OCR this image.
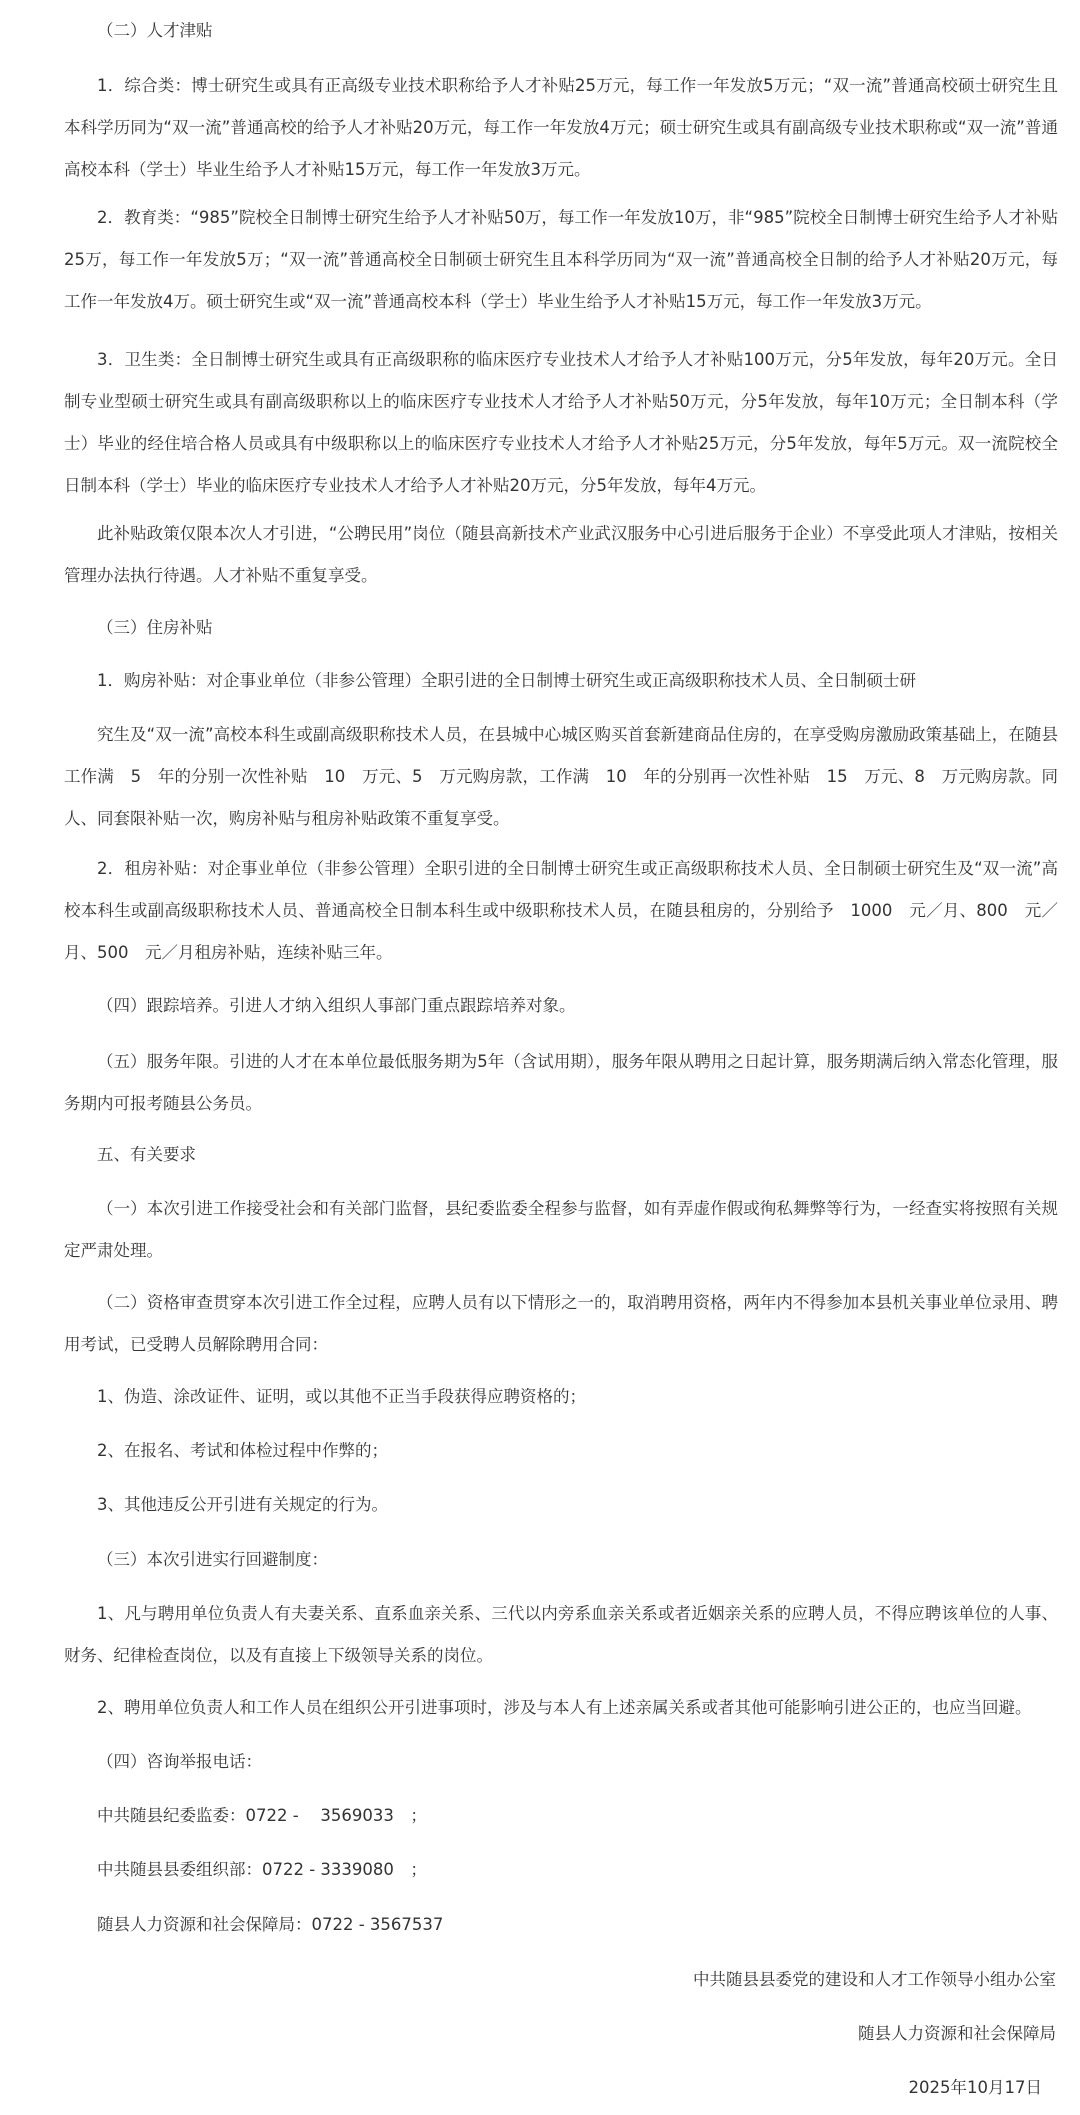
（二）人才津贴

1．综合类：博士研究生或具有正高级专业技术职称给予人才补贴25万元，每工作一年发放5万元；“双一流”普通高校硕士研究生且本科学历同为“双一流”普通高校的给予人才补贴20万元，每工作一年发放4万元；硕士研究生或具有副高级专业技术职称或“双一流”普通高校本科（学士）毕业生给予人才补贴15万元，每工作一年发放3万元。

2．教育类：“985”院校全日制博士研究生给予人才补贴50万，每工作一年发放10万，非“985”院校全日制博士研究生给予人才补贴25万，每工作一年发放5万；“双一流”普通高校全日制硕士研究生且本科学历同为“双一流”普通高校全日制的给予人才补贴20万元，每工作一年发放4万。硕士研究生或“双一流”普通高校本科（学士）毕业生给予人才补贴15万元，每工作一年发放3万元。

3．卫生类：全日制博士研究生或具有正高级职称的临床医疗专业技术人才给予人才补贴100万元，分5年发放，每年20万元。全日制专业型硕士研究生或具有副高级职称以上的临床医疗专业技术人才给予人才补贴50万元，分5年发放，每年10万元；全日制本科（学士）毕业的经住培合格人员或具有中级职称以上的临床医疗专业技术人才给予人才补贴25万元，分5年发放，每年5万元。双一流院校全日制本科（学士）毕业的临床医疗专业技术人才给予人才补贴20万元，分5年发放，每年4万元。

此补贴政策仅限本次人才引进，“公聘民用”岗位（随县高新技术产业武汉服务中心引进后服务于企业）不享受此项人才津贴，按相关管理办法执行待遇。人才补贴不重复享受。

（三）住房补贴

1．购房补贴：对企事业单位（非参公管理）全职引进的全日制博士研究生或正高级职称技术人员、全日制硕士研

究生及“双一流”高校本科生或副高级职称技术人员，在县城中心城区购买首套新建商品住房的，在享受购房激励政策基础上，在随县工作满　5　年的分别一次性补贴　10　万元、5　万元购房款，工作满　10　年的分别再一次性补贴　15　万元、8　万元购房款。同人、同套限补贴一次，购房补贴与租房补贴政策不重复享受。

2．租房补贴：对企事业单位（非参公管理）全职引进的全日制博士研究生或正高级职称技术人员、全日制硕士研究生及“双一流”高校本科生或副高级职称技术人员、普通高校全日制本科生或中级职称技术人员，在随县租房的，分别给予　1000　元／月、800　元／月、500　元／月租房补贴，连续补贴三年。

（四）跟踪培养。引进人才纳入组织人事部门重点跟踪培养对象。

（五）服务年限。引进的人才在本单位最低服务期为5年（含试用期），服务年限从聘用之日起计算，服务期满后纳入常态化管理，服务期内可报考随县公务员。

五、有关要求

（一）本次引进工作接受社会和有关部门监督，县纪委监委全程参与监督，如有弄虚作假或徇私舞弊等行为，一经查实将按照有关规定严肃处理。

（二）资格审查贯穿本次引进工作全过程，应聘人员有以下情形之一的，取消聘用资格，两年内不得参加本县机关事业单位录用、聘用考试，已受聘人员解除聘用合同：

1、伪造、涂改证件、证明，或以其他不正当手段获得应聘资格的；

2、在报名、考试和体检过程中作弊的；

3、其他违反公开引进有关规定的行为。

（三）本次引进实行回避制度：

1、凡与聘用单位负责人有夫妻关系、直系血亲关系、三代以内旁系血亲关系或者近姻亲关系的应聘人员，不得应聘该单位的人事、财务、纪律检查岗位，以及有直接上下级领导关系的岗位。

2、聘用单位负责人和工作人员在组织公开引进事项时，涉及与本人有上述亲属关系或者其他可能影响引进公正的，也应当回避。

（四）咨询举报电话：

中共随县纪委监委：0722 -　 3569033　；

中共随县县委组织部：0722 - 3339080　；

随县人力资源和社会保障局：0722 - 3567537

中共随县县委党的建设和人才工作领导小组办公室

随县人力资源和社会保障局

2025年10月17日
